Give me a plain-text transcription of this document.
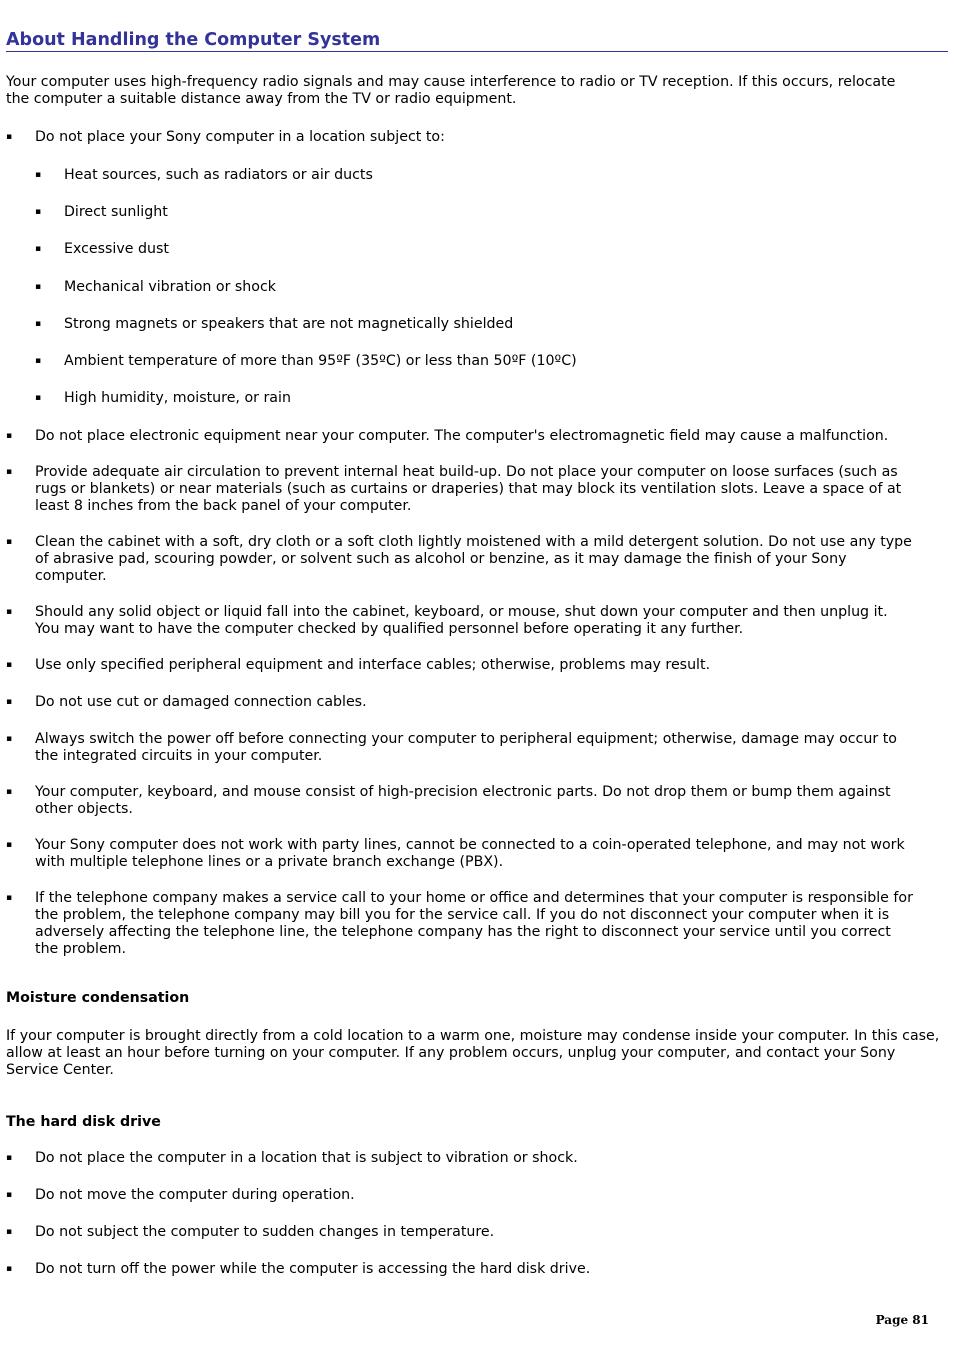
About Handling the Computer System

Your computer uses high-frequency radio signals and may cause interference to radio or TV reception. If this occurs, relocate the computer a suitable distance away from the TV or radio equipment.

▪ Do not place your Sony computer in a location subject to:
▪ Heat sources, such as radiators or air ducts
▪ Direct sunlight
▪ Excessive dust
▪ Mechanical vibration or shock
▪ Strong magnets or speakers that are not magnetically shielded
▪ Ambient temperature of more than 95ºF (35ºC) or less than 50ºF (10ºC)
▪ High humidity, moisture, or rain
▪ Do not place electronic equipment near your computer. The computer's electromagnetic field may cause a malfunction.
▪ Provide adequate air circulation to prevent internal heat build-up. Do not place your computer on loose surfaces (such as rugs or blankets) or near materials (such as curtains or draperies) that may block its ventilation slots. Leave a space of at least 8 inches from the back panel of your computer.
▪ Clean the cabinet with a soft, dry cloth or a soft cloth lightly moistened with a mild detergent solution. Do not use any type of abrasive pad, scouring powder, or solvent such as alcohol or benzine, as it may damage the finish of your Sony computer.
▪ Should any solid object or liquid fall into the cabinet, keyboard, or mouse, shut down your computer and then unplug it. You may want to have the computer checked by qualified personnel before operating it any further.
▪ Use only specified peripheral equipment and interface cables; otherwise, problems may result.
▪ Do not use cut or damaged connection cables.
▪ Always switch the power off before connecting your computer to peripheral equipment; otherwise, damage may occur to the integrated circuits in your computer.
▪ Your computer, keyboard, and mouse consist of high-precision electronic parts. Do not drop them or bump them against other objects.
▪ Your Sony computer does not work with party lines, cannot be connected to a coin-operated telephone, and may not work with multiple telephone lines or a private branch exchange (PBX).
▪ If the telephone company makes a service call to your home or office and determines that your computer is responsible for the problem, the telephone company may bill you for the service call. If you do not disconnect your computer when it is adversely affecting the telephone line, the telephone company has the right to disconnect your service until you correct the problem.

Moisture condensation

If your computer is brought directly from a cold location to a warm one, moisture may condense inside your computer. In this case, allow at least an hour before turning on your computer. If any problem occurs, unplug your computer, and contact your Sony Service Center.

The hard disk drive

▪ Do not place the computer in a location that is subject to vibration or shock.
▪ Do not move the computer during operation.
▪ Do not subject the computer to sudden changes in temperature.
▪ Do not turn off the power while the computer is accessing the hard disk drive.
Page 81
